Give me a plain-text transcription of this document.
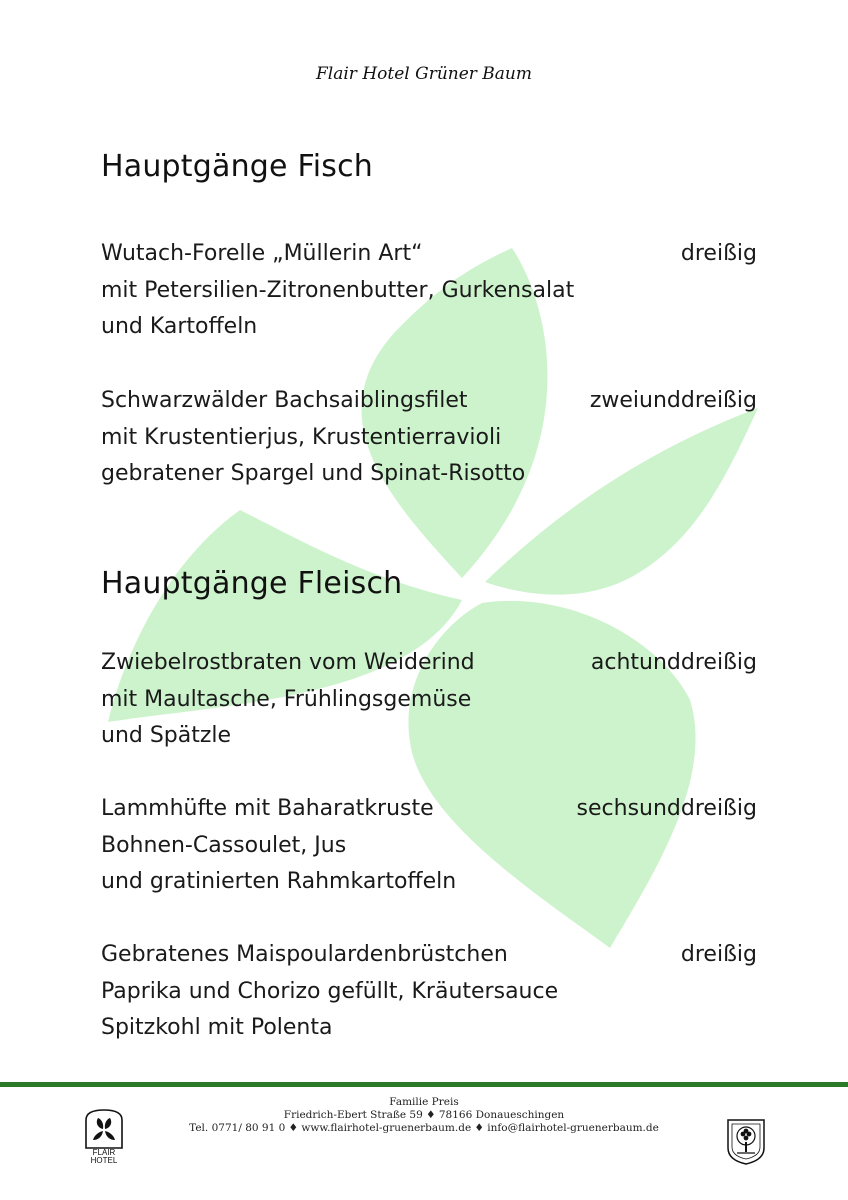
Flair Hotel Grüner Baum
Hauptgänge Fisch
Wutach-Forelle „Müllerin Art“	dreißig
mit Petersilien-Zitronenbutter, Gurkensalat
und Kartoffeln
Schwarzwälder Bachsaiblingsfilet	zweiunddreißig
mit Krustentierjus, Krustentierravioli
gebratener Spargel und Spinat-Risotto
Hauptgänge Fleisch
Zwiebelrostbraten vom Weiderind	achtunddreißig
mit Maultasche, Frühlingsgemüse
und Spätzle
Lammhüfte mit Baharatkruste	sechsunddreißig
Bohnen-Cassoulet, Jus
und gratinierten Rahmkartoffeln
Gebratenes Maispoulardenbrüstchen	dreißig
Paprika und Chorizo gefüllt, Kräutersauce
Spitzkohl mit Polenta
FLAIR
HOTEL
Familie Preis
Friedrich-Ebert Straße 59 ♦ 78166 Donaueschingen
Tel. 0771/ 80 91 0 ♦ www.flairhotel-gruenerbaum.de ♦ info@flairhotel-gruenerbaum.de
